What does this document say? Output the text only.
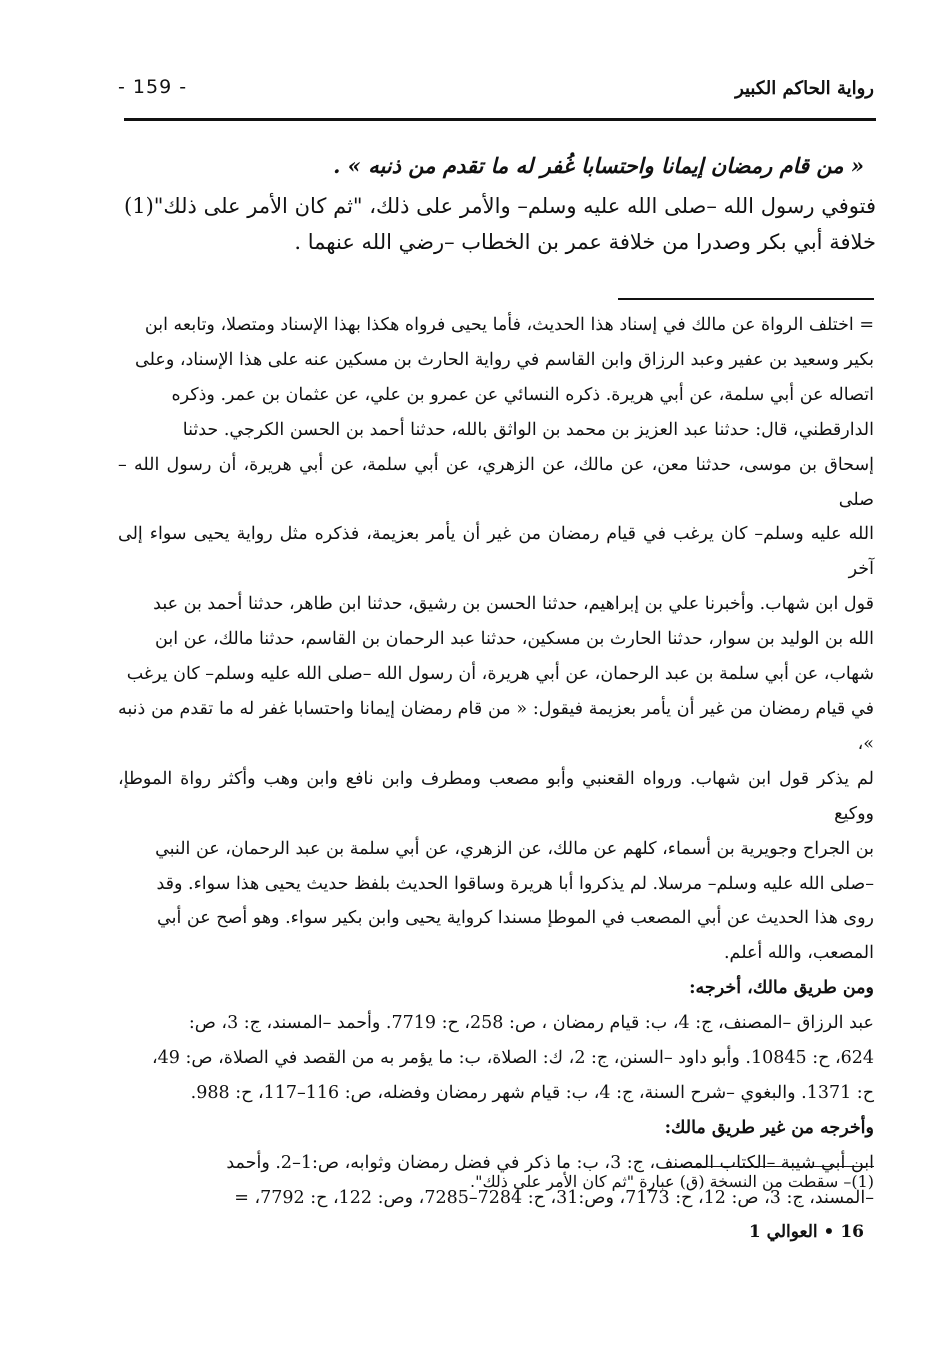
- 159 -	رواية الحاكم الكبير

« من قام رمضان إيمانا واحتسابا غُفر له ما تقدم من ذنبه » .

فتوفي رسول الله –صلى الله عليه وسلم– والأمر على ذلك، "ثم كان الأمر على ذلك"(1) خلافة أبي بكر وصدرا من خلافة عمر بن الخطاب –رضي الله عنهما .

= اختلف الرواة عن مالك في إسناد هذا الحديث، فأما يحيى فرواه هكذا بهذا الإسناد ومتصلا، وتابعه ابن

بكير وسعيد بن عفير وعبد الرزاق وابن القاسم في رواية الحارث بن مسكين عنه على هذا الإسناد، وعلى

اتصاله عن أبي سلمة، عن أبي هريرة. ذكره النسائي عن عمرو بن علي، عن عثمان بن عمر. وذكره

الدارقطني، قال: حدثنا عبد العزيز بن محمد بن الواثق بالله، حدثنا أحمد بن الحسن الكرجي. حدثنا

إسحاق بن موسى، حدثنا معن، عن مالك، عن الزهري، عن أبي سلمة، عن أبي هريرة، أن رسول الله –صلى

الله عليه وسلم– كان يرغب في قيام رمضان من غير أن يأمر بعزيمة، فذكره مثل رواية يحيى سواء إلى آخر

قول ابن شهاب. وأخبرنا علي بن إبراهيم، حدثنا الحسن بن رشيق، حدثنا ابن طاهر، حدثنا أحمد بن عبد

الله بن الوليد بن سوار، حدثنا الحارث بن مسكين، حدثنا عبد الرحمان بن القاسم، حدثنا مالك، عن ابن

شهاب، عن أبي سلمة بن عبد الرحمان، عن أبي هريرة، أن رسول الله –صلى الله عليه وسلم– كان يرغب

في قيام رمضان من غير أن يأمر بعزيمة فيقول: « من قام رمضان إيمانا واحتسابا غفر له ما تقدم من ذنبه »،

لم يذكر قول ابن شهاب. ورواه القعنبي وأبو مصعب ومطرف وابن نافع وابن وهب وأكثر رواة الموطإ، ووكيع

بن الجراح وجويرية بن أسماء، كلهم عن مالك، عن الزهري، عن أبي سلمة بن عبد الرحمان، عن النبي

–صلى الله عليه وسلم– مرسلا. لم يذكروا أبا هريرة وساقوا الحديث بلفظ حديث يحيى هذا سواء. وقد

روى هذا الحديث عن أبي المصعب في الموطإ مسندا كرواية يحيى وابن بكير سواء. وهو أصح عن أبي

المصعب، والله أعلم.

ومن طريق مالك، أخرجه:

عبد الرزاق –المصنف، ج: 4، ب: قيام رمضان ، ص: 258، ح: 7719. وأحمد –المسند، ج: 3، ص:

624، ح: 10845. وأبو داود –السنن، ج: 2، ك: الصلاة، ب: ما يؤمر به من القصد في الصلاة، ص: 49،

ح: 1371. والبغوي –شرح السنة، ج: 4، ب: قيام شهر رمضان وفضله، ص: 116–117، ح: 988.

وأخرجه من غير طريق مالك:

ابن أبي شيبة –الكتاب المصنف، ج: 3، ب: ما ذكر في فضل رمضان وثوابه، ص:1–2. وأحمد

–المسند، ج: 3، ص: 12، ح: 7173، وص:31، ح: 7284–7285، وص: 122، ح: 7792، =

(1)– سقطت من النسخة (ق) عبارة "ثم كان الأمر على ذلك".
16 • العوالي 1
